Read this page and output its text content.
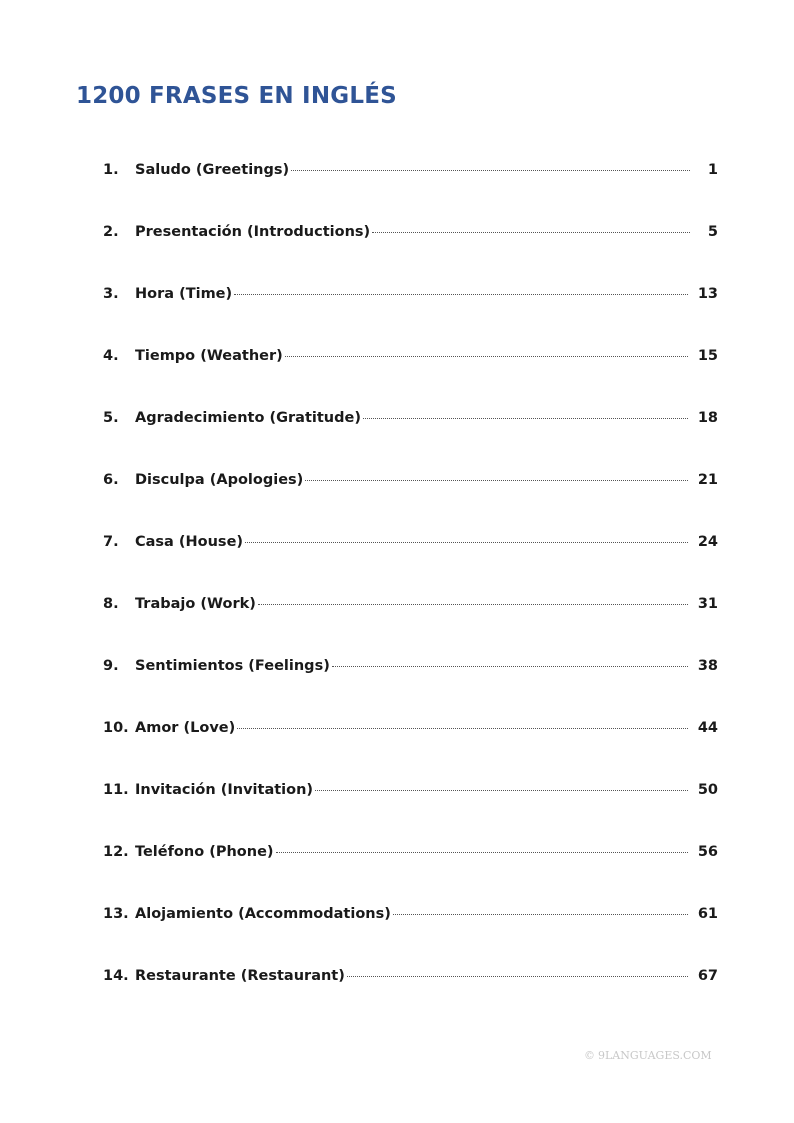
1200 FRASES EN INGLÉS
1.	Saludo (Greetings)	1
2.	Presentación (Introductions)	5
3.	Hora (Time)	13
4.	Tiempo (Weather)	15
5.	Agradecimiento (Gratitude)	18
6.	Disculpa (Apologies)	21
7.	Casa (House)	24
8.	Trabajo (Work)	31
9.	Sentimientos (Feelings)	38
10. Amor (Love)	44
11. Invitación (Invitation)	50
12. Teléfono (Phone)	56
13. Alojamiento (Accommodations)	61
14. Restaurante (Restaurant)	67
© 9LANGUAGES.COM
